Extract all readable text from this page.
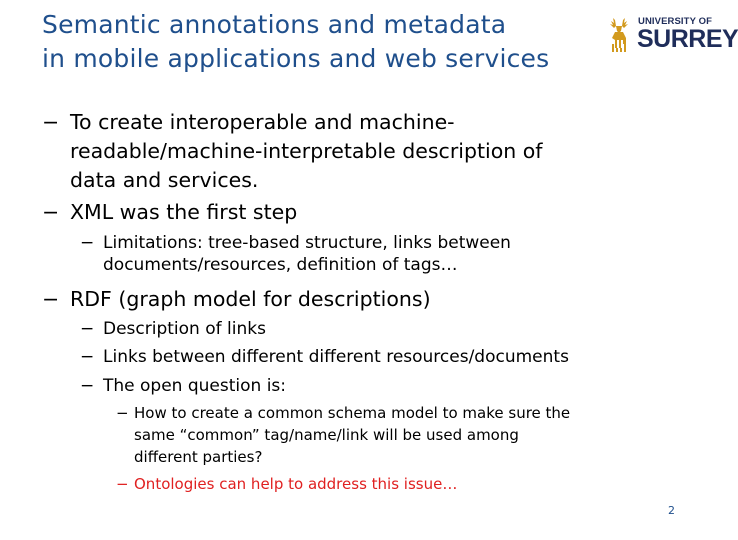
Semantic annotations and metadata
in mobile applications and web services
UNIVERSITY OF
SURREY
− To create interoperable and machine-
readable/machine-interpretable description of
data and services.
− XML was the first step
− Limitations: tree-based structure, links between
documents/resources, definition of tags…
− RDF (graph model for descriptions)
− Description of links
− Links between different different resources/documents
− The open question is:
− How to create a common schema model to make sure the
same “common” tag/name/link will be used among
different parties?
− Ontologies can help to address this issue…
2
